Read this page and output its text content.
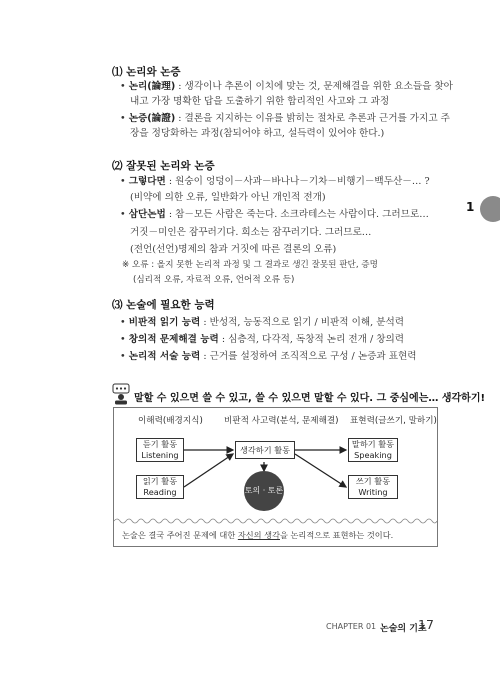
⑴ 논리와 논증
• 논리(論理) : 생각이나 추론이 이치에 맞는 것, 문제해결을 위한 요소들을 찾아
내고 가장 명확한 답을 도출하기 위한 합리적인 사고와 그 과정
• 논증(論證) : 결론을 지지하는 이유를 밝히는 절차로 추론과 근거를 가지고 주
장을 정당화하는 과정(참되어야 하고, 설득력이 있어야 한다.)
⑵ 잘못된 논리와 논증
• 그렇다면 : 원숭이 엉덩이－사과－바나나－기차－비행기－백두산－… ?
(비약에 의한 오류, 일반화가 아닌 개인적 전개)
• 삼단논법 : 참－모든 사람은 죽는다. 소크라테스는 사람이다. 그러므로…
거짓－미인은 잠꾸러기다. 희소는 잠꾸러기다. 그러므로…
(전언(선언)명제의 참과 거짓에 따른 결론의 오류)
※ 오류 : 올지 못한 논리적 과정 및 그 결과로 생긴 잘못된 판단, 증명
(심리적 오류, 자료적 오류, 언어적 오류 등)
1
⑶ 논술에 필요한 능력
• 비판적 읽기 능력 : 반성적, 능동적으로 읽기 / 비판적 이해, 분석력
• 창의적 문제해결 능력 : 심층적, 다각적, 독창적 논리 전개 / 창의력
• 논리적 서술 능력 : 근거를 설정하여 조직적으로 구성 / 논증과 표현력
말할 수 있으면 쓸 수 있고, 쓸 수 있으면 말할 수 있다. 그 중심에는… 생각하기!
이해력(배경지식) 비판적 사고력(분석, 문제해결) 표현력(글쓰기, 말하기)
듣기 활동
Listening
읽기 활동
Reading
생각하기 활동
토의 · 토론
말하기 활동
Speaking
쓰기 활동
Writing
논술은 결국 주어진 문제에 대한 자신의 생각을 논리적으로 표현하는 것이다.
CHAPTER 01 논술의 기초
17
